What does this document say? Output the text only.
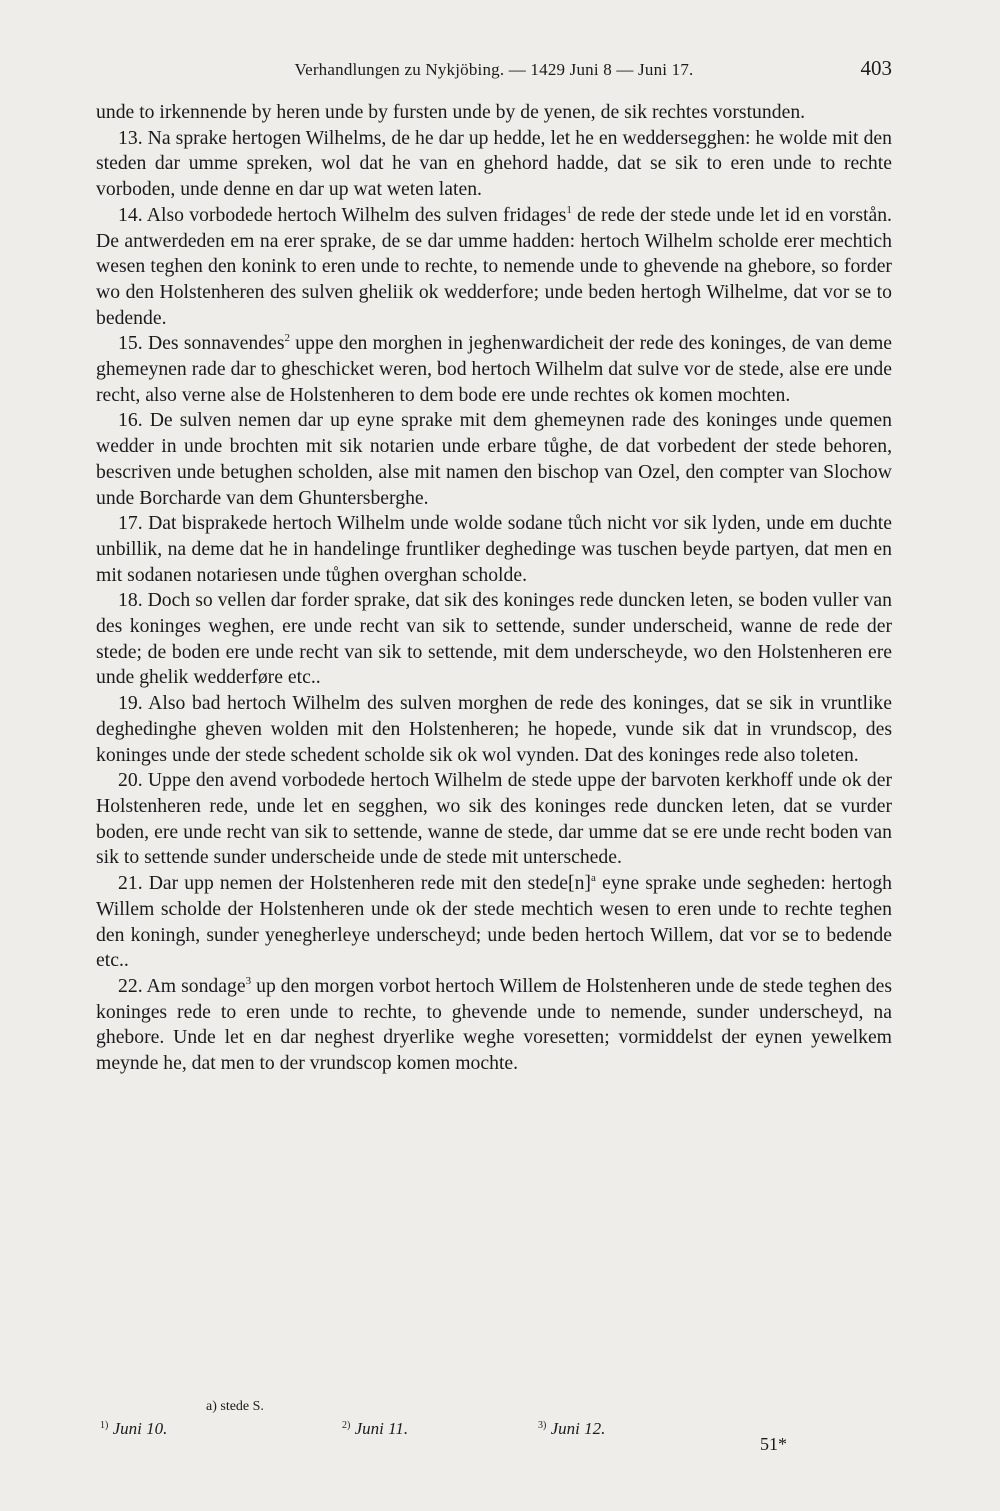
Verhandlungen zu Nykjöbing. — 1429 Juni 8 — Juni 17.	403

unde to irkennende by heren unde by fursten unde by de yenen, de sik rechtes vorstunden.

13. Na sprake hertogen Wilhelms, de he dar up hedde, let he en weddersegghen: he wolde mit den steden dar umme spreken, wol dat he van en ghehord hadde, dat se sik to eren unde to rechte vorboden, unde denne en dar up wat weten laten.

14. Also vorbodede hertoch Wilhelm des sulven fridages$^1$ de rede der stede unde let id en vorstån. De antwerdeden em na erer sprake, de se dar umme hadden: hertoch Wilhelm scholde erer mechtich wesen teghen den konink to eren unde to rechte, to nemende unde to ghevende na ghebore, so forder wo den Holstenheren des sulven gheliik ok wedderfore; unde beden hertogh Wilhelme, dat vor se to bedende.

15. Des sonnavendes$^2$ uppe den morghen in jeghenwardicheit der rede des koninges, de van deme ghemeynen rade dar to gheschicket weren, bod hertoch Wilhelm dat sulve vor de stede, alse ere unde recht, also verne alse de Holstenheren to dem bode ere unde rechtes ok komen mochten.

16. De sulven nemen dar up eyne sprake mit dem ghemeynen rade des koninges unde quemen wedder in unde brochten mit sik notarien unde erbare tůghe, de dat vorbedent der stede behoren, bescriven unde betughen scholden, alse mit namen den bischop van Ozel, den compter van Slochow unde Borcharde van dem Ghuntersberghe.

17. Dat bisprakede hertoch Wilhelm unde wolde sodane tůch nicht vor sik lyden, unde em duchte unbillik, na deme dat he in handelinge fruntliker deghedinge was tuschen beyde partyen, dat men en mit sodanen notariesen unde tůghen overghan scholde.

18. Doch so vellen dar forder sprake, dat sik des koninges rede duncken leten, se boden vuller van des koninges weghen, ere unde recht van sik to settende, sunder underscheid, wanne de rede der stede; de boden ere unde recht van sik to settende, mit dem underscheyde, wo den Holstenheren ere unde ghelik wedderføre etc..

19. Also bad hertoch Wilhelm des sulven morghen de rede des koninges, dat se sik in vruntlike deghedinghe gheven wolden mit den Holstenheren; he hopede, vunde sik dat in vrundscop, des koninges unde der stede schedent scholde sik ok wol vynden. Dat des koninges rede also toleten.

20. Uppe den avend vorbodede hertoch Wilhelm de stede uppe der barvoten kerkhoff unde ok der Holstenheren rede, unde let en segghen, wo sik des koninges rede duncken leten, dat se vurder boden, ere unde recht van sik to settende, wanne de stede, dar umme dat se ere unde recht boden van sik to settende sunder underscheide unde de stede mit unterschede.

21. Dar upp nemen der Holstenheren rede mit den stede[n]$^a$ eyne sprake unde segheden: hertogh Willem scholde der Holstenheren unde ok der stede mechtich wesen to eren unde to rechte teghen den koningh, sunder yenegherleye underscheyd; unde beden hertoch Willem, dat vor se to bedende etc..

22. Am sondage$^3$ up den morgen vorbot hertoch Willem de Holstenheren unde de stede teghen des koninges rede to eren unde to rechte, to ghevende unde to nemende, sunder underscheyd, na ghebore. Unde let en dar neghest dryerlike weghe voresetten; vormiddelst der eynen yewelkem meynde he, dat men to der vrundscop komen mochte.

a) stede S.
$^{1)}$ Juni 10.	$^{2)}$ Juni 11.	$^{3)}$ Juni 12.
51*
